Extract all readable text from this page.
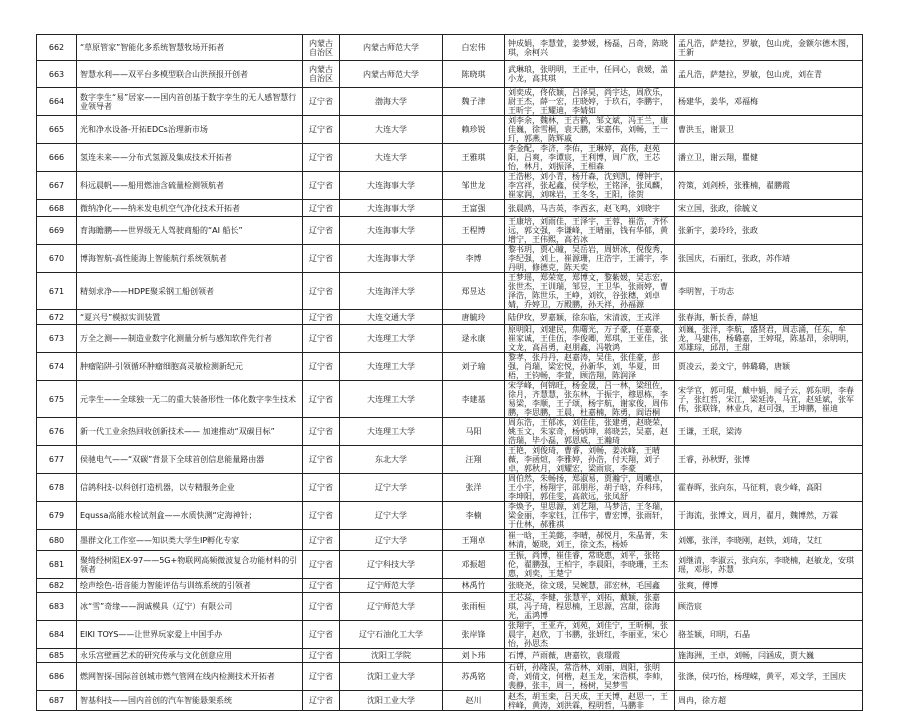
662	“草原管家”智能化多系统智慧牧场开拓者	内蒙古自治区	内蒙古师范大学	白宏伟	钟成娟，李慧萱，姜梦媛，杨磊，吕奇，陈晓琪，余柯兴	孟凡浩，萨楚拉，罗敏，包山虎，金额尔德木图，王新
663	智慧水利——双平台多模型联合山洪预报开创者	内蒙古自治区	内蒙古师范大学	陈晓琪	武琳琅，张明明，王正中，任同心，袁媛，盖小龙，高其琪	孟凡浩，萨楚拉，罗敏，包山虎，刘在青
664	数字孪生“易”居家——国内首创基于数字孪生的无人感智慧行业领导者	辽宁省	渤海大学	魏子津	刘奕成，佟依颖，吕泽昊，尚宇达，周欣乐，尉王杰，薛一宏，庄晓婷，于玖石，李鹏宇，王昕宇，王耀迪，李婧如	杨建华，姜华，邓福梅
665	光和净水设备-开拓EDCs治理新市场	辽宁省	大连大学	赖珍锐	刘李余，魏林，王吉鹤，邹文斌，冯王兰，康佳巍，徐雪桐，袁天鹏，宋嘉伟，刘畅，王一玎，郭燕，陈辉戚	曹洪玉，谢景卫
666	氢连未来——分布式氢源及集成技术开拓者	辽宁省	大连大学	王雅琪	李金配，李济，李佑，王琳婷，高伟，赵苑阳，吕爽，李谭宸，王利博，周广欣，王芯怡，林月，刘振泽，王相森	潘立卫，谢云翔，瞿健
667	科远晨帆——船用燃油含硫量检测领航者	辽宁省	大连海事大学	邹世龙	王浩彬，刘小青，杨开森，沈到凯，傅钟宇，李宫祥，张起鑫，侯学松，王铭泽，张凤麟，崔家润，刘咪岩，王冬冬，王阳，徐贺	符策，刘剑桥，张雅楠，翟鹏霞
668	微纳净化——纳米发电机空气净化技术开拓者	辽宁省	大连海事大学	王富强	张晨鸥，马吉英，李西玄，赵飞鸣，刘晓宇	宋立国，张政，徐毓义
669	育海瞻鹏——世界级无人驾驶商船的“AI 船长”	辽宁省	大连海事大学	王程博	王康培，刘雨佳，王泽宇，王蓉，崔浩，齐怀远，郭文强，李谦峰，王晴丽，钱有华郁，黄增宁，王伟熙，高若冰	张新宇，姜玲玲，张政
670	博海智航-高性能海上智能航行系统领航者	辽宁省	大连海事大学	李博	黎书玥，贾心瞳，吴岳岩，周妍冰，倪俊秀，李纪强，刘上，崔源珊，庄浩宇，王浦宇，李丹明，修德克，陈天奕	张国庆，石丽红，张政，苏作靖
671	精刻求净——HDPE聚采钢工船创领者	辽宁省	大连海洋大学	郑昱达	王梦瑶，郑荣宽，郑博文，黎紫媛，吴志宏，张世杰，王训瑞，邹昱，王卫华，张雨婷，曹泽浩，陈世乐，王峥，刘钦，谷张穗，刘卓婧，乔婷卫，万殿鹏，孙天祥，孙福源	李明智，于功志
672	“夏兴号”模拟实训装置	辽宁省	大连交通大学	唐毓玲	陆伊玫，罗嘉颖，徐东临，宋清波，王戎洋	张春海，靳长香，薛旭
673	万全之测——制造业数字化测量分析与感知软件先行者	辽宁省	大连理工大学	逯永康	原明阳，刘建民，焦曙光，万子豪，任嘉豪，崔家诚，王佳伍，李俊卿，郑琪，王亚佳，张文龙，高昌勇，赵朋鑫，冯敬鸿	刘巍，张洋，李航，盛贤君，周志涌，任东，牟龙，马建伟，杨璐嘉，王婷琨，陈基昂，余明明，邓雄琮，邱昂，王甜
674	肿瘤陷阱-引领循环肿瘤细胞高灵敏检测新纪元	辽宁省	大连理工大学	刘子瑜	黎孝，张丹丹，赵嘉涛，吴佳，张佳豪，彭强，肖瑞，梁宏悦，孙新华，刘，华夏，田梧，王钧畅，李萱，顾浩翔，陈润泽	贾凌云，姜文宁，韩璐璐，唐颖
675	元孪生——全球独一无二的重大装备形性一体化数字孪生技术	辽宁省	大连理工大学	李建基	宋学峰，何锦旺，杨金晟，吕一林，梁纽佐，徐月，齐慧慧，张东林，于振宇，穆恩栋，李易梁，李顺，王子颂，杨宇航，谢家俊，周伟鹏，李思鹏，王晨，杜嘉楠，陈勇，阎语桐	宋学官，郭可琨，戴中娟，闻子云，郭东明，李春子，张红哲，宋江，梁延涛，马宜，赵延斌，张军伟，张联锋，林业兵，赵可强，王坤鹏，崔迪
676	新一代工业余热回收创新技术—— 加速推动“双碳目标”	辽宁省	大连理工大学	马阳	周东浩，王郁冰，刘佳佳，张建勇，赵晓荣，姚玉文，朱家奇，杨炳坤，蒋晓芸，吴嘉，赵浩瑞，毕小磊，郭恩威，王瀚琦	王谦，王珉，梁涛
677	侯驰电气——“双碳”背景下全球首创信息能量路由器	辽宁省	东北大学	汪翔	王艳，刘俊琦，曹睿，刘畅，姜冰峰，王晴薇，李函煊，李雅婷，孙浩，付天翔，刘子卓，郭秋月，刘耀宏，梁雨宸，李豪	王睿，孙秋野，张博
678	信鸽科技-以科创打造机器，以专精服务企业	辽宁省	辽宁大学	张洋	周伯然，朱畅扬，郑淑易，贾瀚宁，周曦卓，王小宇，杨翔宇，邵朋彤，胡子晗，乔科玮，李坤阳，郭佳雯，高歆远，张凤舒	霍春晖，张向东，马征莉，袁少峰，高阳
679	Equssa高能水检试剂盒——水质快测“定海神针；	辽宁省	辽宁大学	李楠	李焕予，里思源，刘艺翔，马梦洁，王冬瑞，梁金丽，李家钰，江伟宇，曹宏博，张雨轩，于仕林，郝雅祺	于海流，张博文，周月，翟月，魏博然，万霖
680	墨群文化工作室——知识类大学生IP孵化专家	辽宁省	辽宁大学	王翔卓	崔一晗，王美懿，李晴，郝悦月，朱晶菁，朱林清，姬晓，刘王，徐文杰，杨娇	刘娜，张洋，李晓刚，赵铁，刘琦，艾红
681	聚绮经树阻EX-97——5G+物联网高频微波复合功能材料的引领者	辽宁省	辽宁科技大学	邓振超	王振，尚博，崔佳睿，常晓惠，刘平，张铭伦，翟鹏强，王柏宇，李晨阳，李晓珊，王杰惠，刘奕，王楚宁	刘继清，李淑云，张向东，李晓楠，赵敏龙，安琪瑶，邓彤，苏慧
682	绘声绘色-语音能力智能评估与训练系统的引领者	辽宁省	辽宁师范大学	林禹竹	张晓尧，徐文瑗，吴婉慧，邵宏林，毛国鑫	张爽，傅博
683	冰“雪”奇缘——润诚模具（辽宁）有限公司	辽宁省	辽宁师范大学	张雨桓	王芯蕊，李健，张慧平，刘拓，戴颖，张嘉琪，冯子琦，程思楠，王思源，宫甜，徐海光，盂鸿博	顾浩宸
684	EIKI TOYS——让世界玩家爱上中国手办	辽宁省	辽宁石油化工大学	张岸锋	张翔宇，王亚卉，刘苑，刘佳宁，王昕桐，张晨宇，赵欣，丁书鹏，张妍红，李丽亚，宋心怡，孙思杰	骆荃颖，印明，石晶
685	永乐宫壁画艺术的研究传承与文化创意应用	辽宁省	沈阳工学院	刘卜玮	石博，芦雨薇，唐嘉钦，袁璟霞	施海洲，王卓，刘畅，闫涵成，贾大巍
686	燃网智探-国际首创城市燃气管网在线内检测技术开拓者	辽宁省	沈阳工业大学	苏禹铭	石研，孙隆淏，常浩林，刘丽，周阳，张明奇，刘倩文，何楷，赵玉龙，宋浩棋，李帅，裴静，张丰，周一，杨树，吴梦雪	张涤，侯巧怡，杨理嵘，黄平，邓文学，王国庆
687	智基科技——国内首创的汽车智能悬架系统	辽宁省	沈阳工业大学	赵川	赵杰，胡玉栾，吕天成，王天博，赵思一，王梓峰，黄涛，刘洪霖，程明哲，马鹏非	周冉，徐方超
